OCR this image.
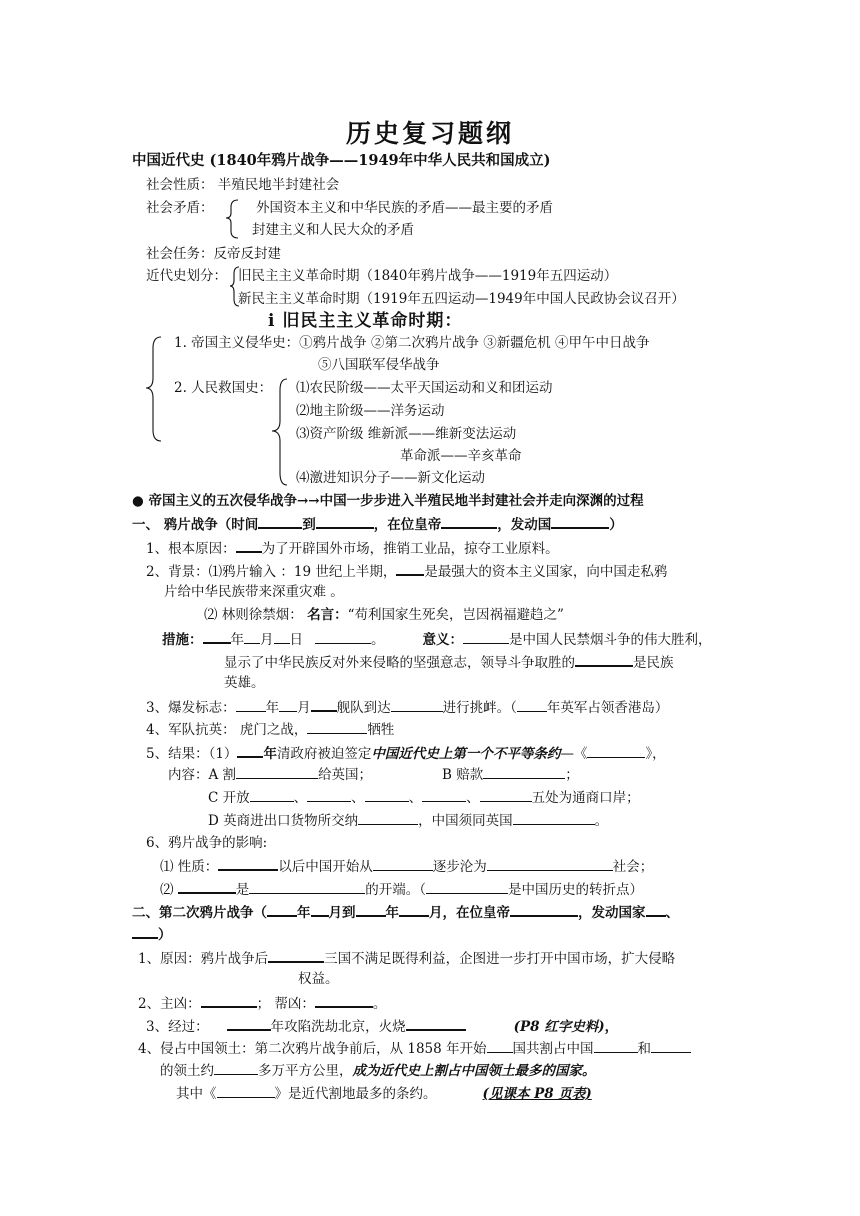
历史复习题纲
中国近代史 (1840年鸦片战争——1949年中华人民共和国成立)
社会性质： 半殖民地半封建社会
社会矛盾：	外国资本主义和中华民族的矛盾——最主要的矛盾
封建主义和人民大众的矛盾
社会任务：反帝反封建
近代史划分： 旧民主主义革命时期（1840年鸦片战争——1919年五四运动）
新民主主义革命时期（1919年五四运动—1949年中国人民政协会议召开）
ⅰ 旧民主主义革命时期：
1. 帝国主义侵华史：①鸦片战争 ②第二次鸦片战争 ③新疆危机 ④甲午中日战争
⑤八国联军侵华战争
2. 人民救国史： ⑴农民阶级——太平天国运动和义和团运动
⑵地主阶级——洋务运动
⑶资产阶级 维新派——维新变法运动
革命派——辛亥革命
⑷激进知识分子——新文化运动
● 帝国主义的五次侵华战争→→中国一步步进入半殖民地半封建社会并走向深渊的过程
一、 鸦片战争（时间	到	，在位皇帝	，发动国	）
1、根本原因： 为了开辟国外市场，推销工业品，掠夺工业原料。
2、背景：⑴鸦片输入 ：19 世纪上半期， 是最强大的资本主义国家，向中国走私鸦
片给中华民族带来深重灾难 。
⑵ 林则徐禁烟： 名言：“苟利国家生死矣，岂因祸福避趋之”
措施： 年 月 日	。	意义：	是中国人民禁烟斗争的伟大胜利，
显示了中华民族反对外来侵略的坚强意志，领导斗争取胜的	是民族
英雄。
3、爆发标志： 年 月 舰队到达	进行挑衅。（ 年英军占领香港岛）
4、军队抗英： 虎门之战，	牺牲
5、结果：（1） 年清政府被迫签定中国近代史上第一个不平等条约—《	》，
内容：A 割	给英国；	B 赔款	；
C 开放	、	、	、	、	五处为通商口岸；
D 英商进出口货物所交纳	，中国须同英国	。
6、鸦片战争的影响:
⑴ 性质：	以后中国开始从	逐步沦为	社会；
⑵	是	的开端。（	是中国历史的转折点）
二、第二次鸦片战争（ 年 月到 年 月，在位皇帝	，发动国家 、
）
1、原因：鸦片战争后	三国不满足既得利益，企图进一步打开中国市场，扩大侵略
权益。
2、主凶：	； 帮凶：	。
3、经过：	年攻陷洗劫北京，火烧	(P8 红字史料)，
4、侵占中国领土：第二次鸦片战争前后，从 1858 年开始 国共割占中国	和
的领土约	多万平方公里，成为近代史上割占中国领土最多的国家。
其中《	》是近代割地最多的条约。	(见课本 P8 页表)
